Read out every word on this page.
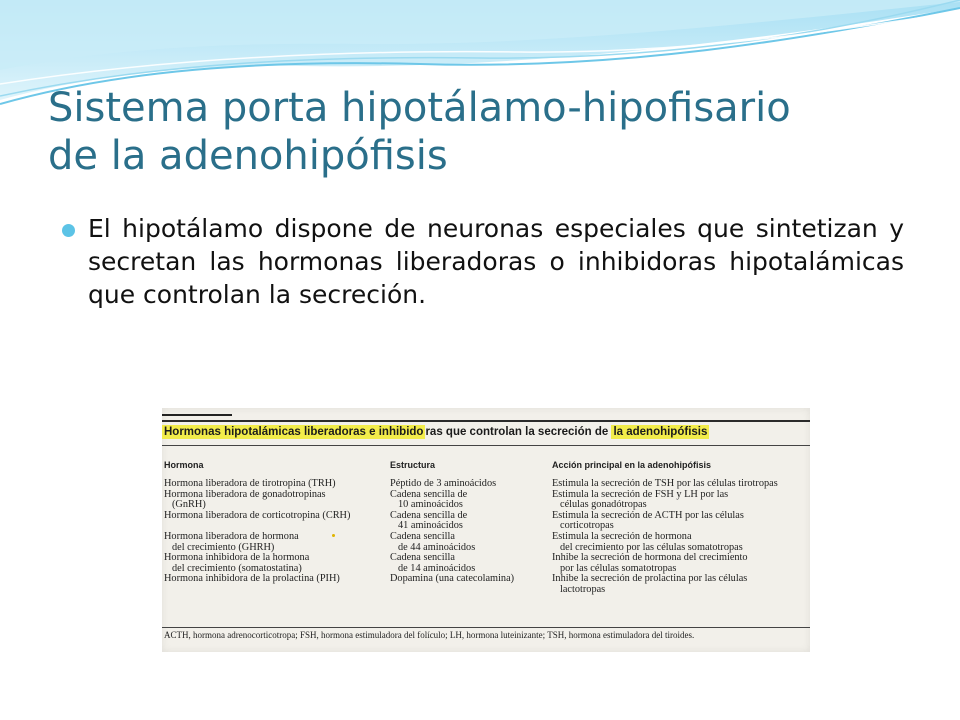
Sistema porta hipotálamo-hipofisario
de la adenohipófisis
El hipotálamo dispone de neuronas especiales que sintetizan y secretan las hormonas liberadoras o inhibidoras hipotalámicas que controlan la secreción.
Hormonas hipotalámicas liberadoras e inhibido ras que controlan la secreción de la adenohipófisis
Hormona	Estructura	Acción principal en la adenohipófisis
Hormona liberadora de tirotropina (TRH)
Hormona liberadora de gonadotropinas
(GnRH)
Hormona liberadora de corticotropina (CRH)
Hormona liberadora de hormona
del crecimiento (GHRH)
Hormona inhibidora de la hormona
del crecimiento (somatostatina)
Hormona inhibidora de la prolactina (PIH)
Péptido de 3 aminoácidos
Cadena sencilla de
10 aminoácidos
Cadena sencilla de
41 aminoácidos
Cadena sencilla
de 44 aminoácidos
Cadena sencilla
de 14 aminoácidos
Dopamina (una catecolamina)
Estimula la secreción de TSH por las células tirotropas
Estimula la secreción de FSH y LH por las
células gonadótropas
Estimula la secreción de ACTH por las células
corticotropas
Estimula la secreción de hormona
del crecimiento por las células somatotropas
Inhibe la secreción de hormona del crecimiento
por las células somatotropas
Inhibe la secreción de prolactina por las células
lactotropas
ACTH, hormona adrenocorticotropa; FSH, hormona estimuladora del folículo; LH, hormona luteinizante; TSH, hormona estimuladora del tiroides.
